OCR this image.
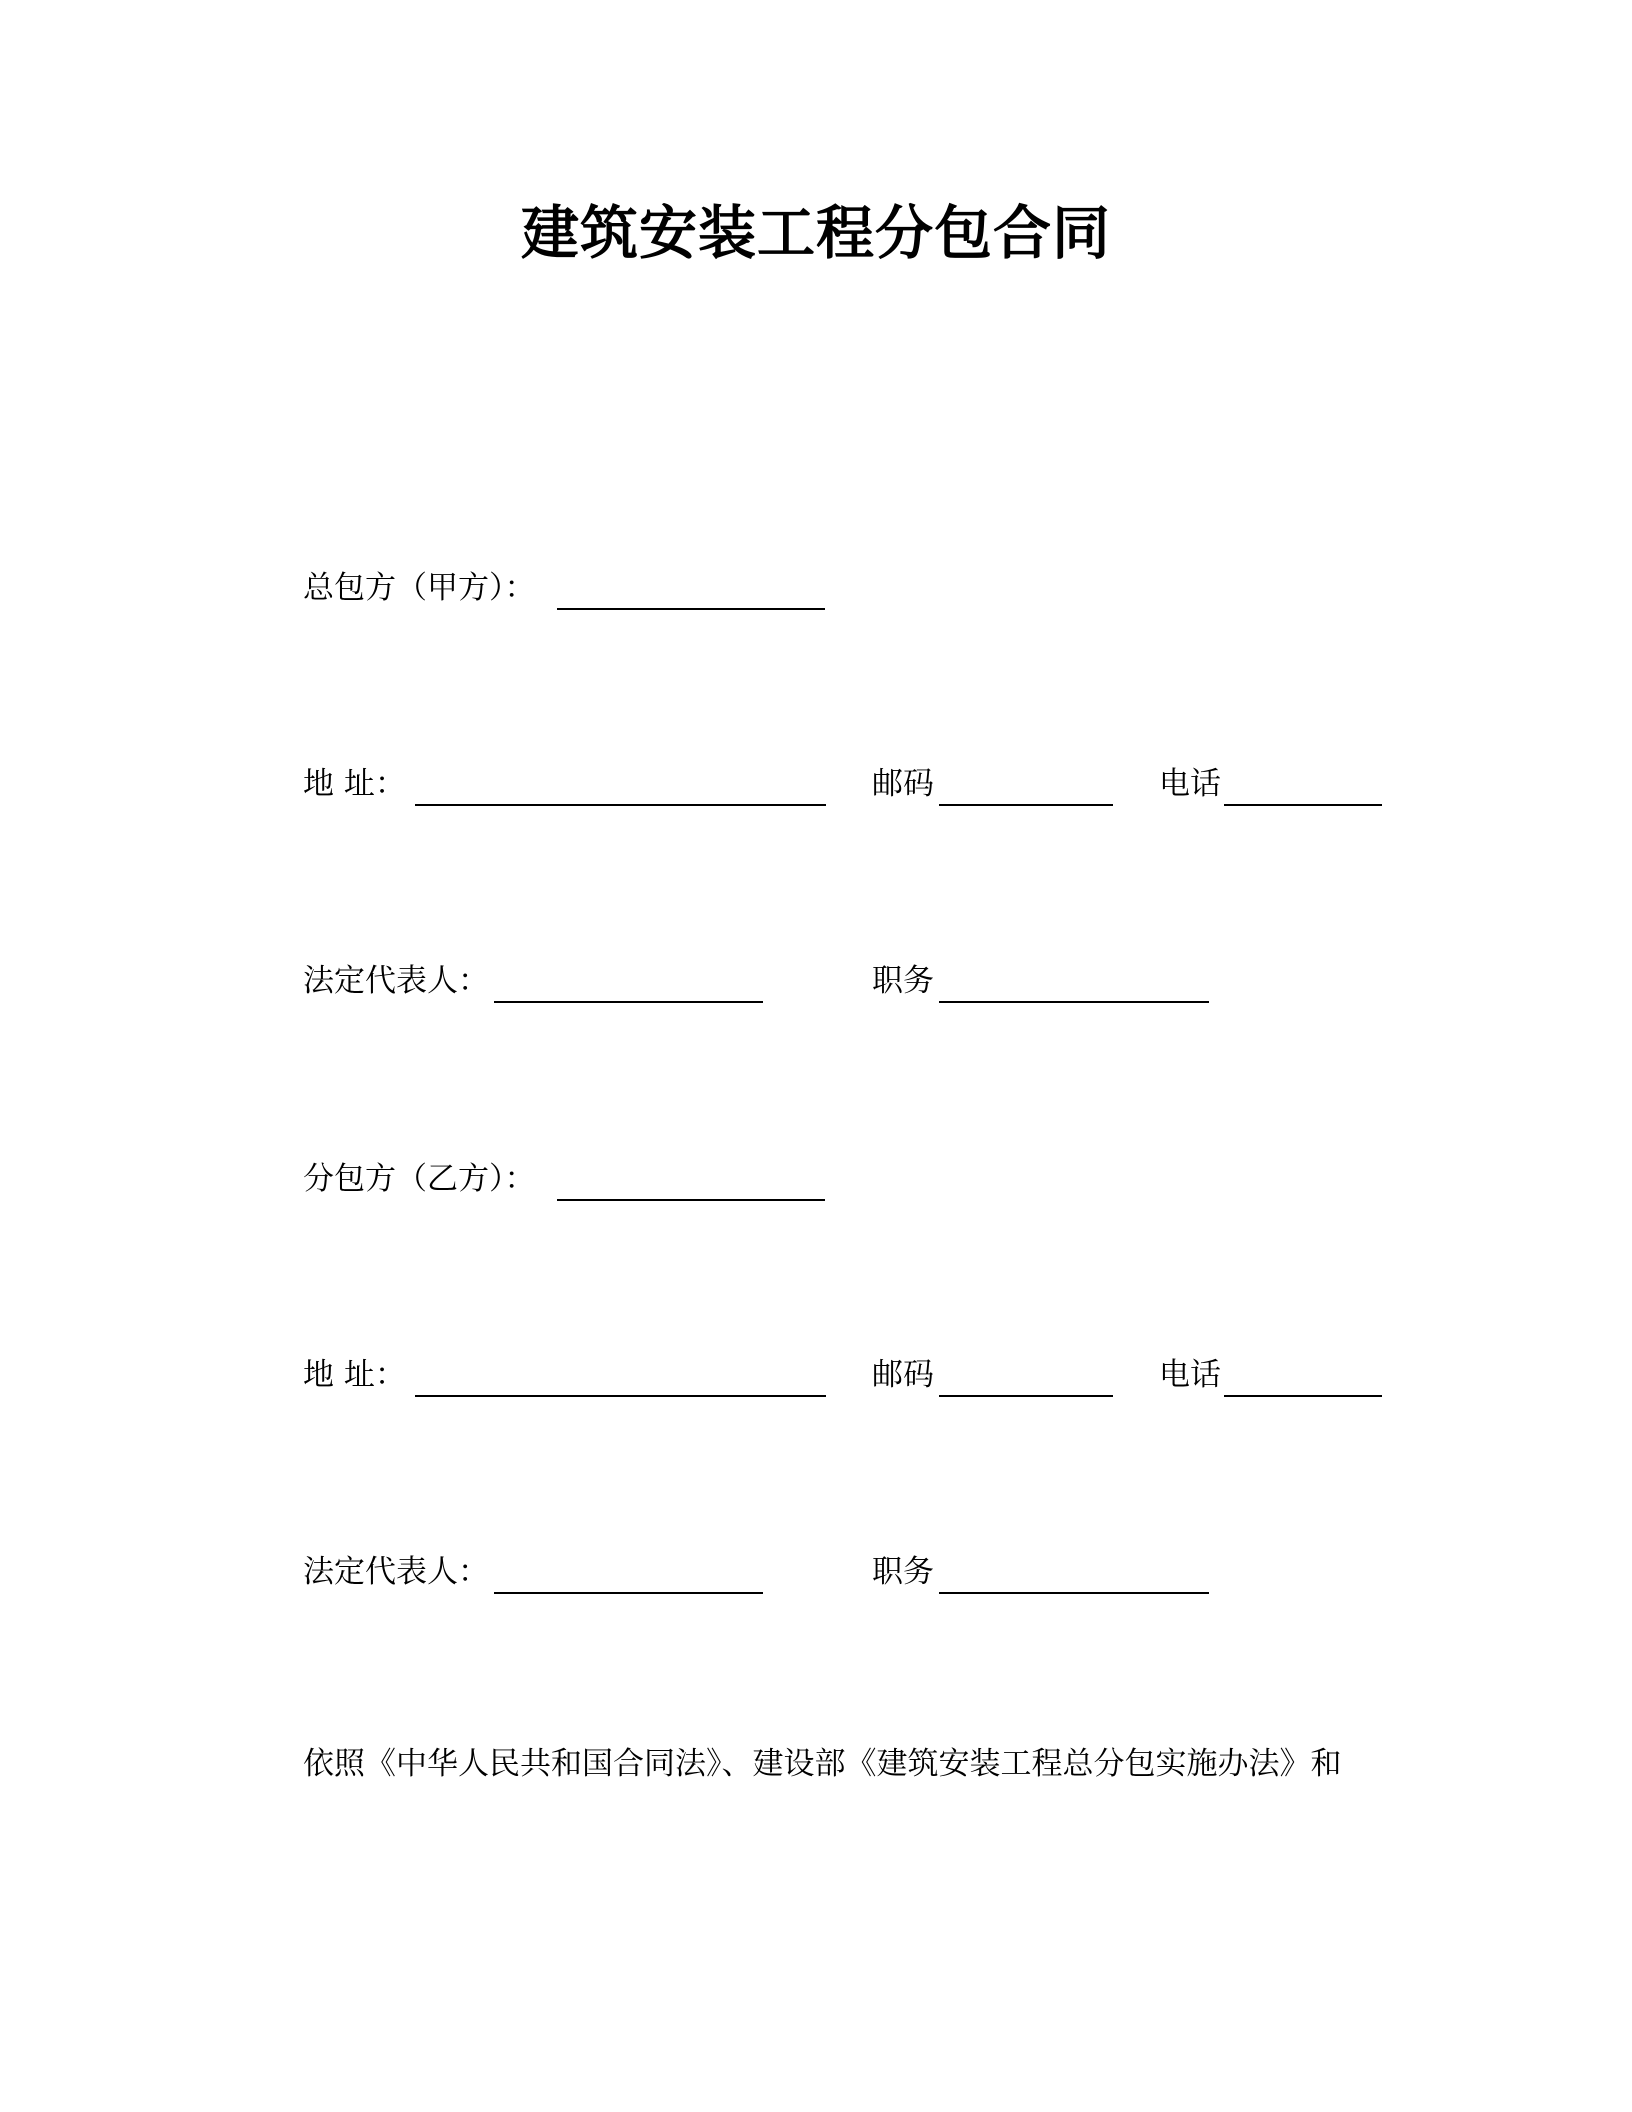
建筑安装工程分包合同
总包方（甲方）：
地 址：	邮码	电话
法定代表人：	职务
分包方（乙方）：
地 址：	邮码	电话
法定代表人：	职务
依照《中华人民共和国合同法》、建设部《建筑安装工程总分包实施办法》和
